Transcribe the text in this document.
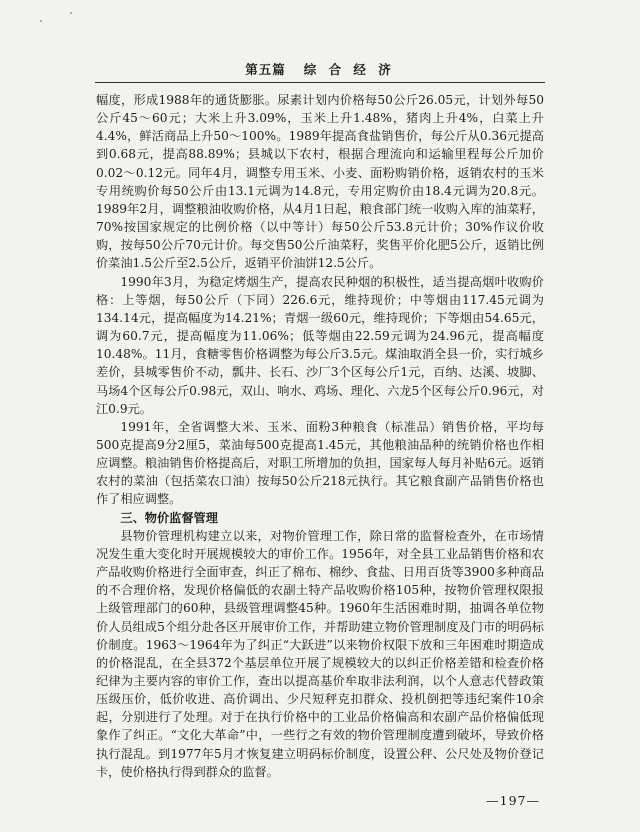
第五篇 综 合 经 济

幅度，形成1988年的通货膨胀。尿素计划内价格每50公斤26.05元，计划外每50公斤45～60元；大米上升3.09%，玉米上升1.48%，猪肉上升4%，白菜上升4.4%，鲜活商品上升50～100%。1989年提高食盐销售价，每公斤从0.36元提高到0.68元，提高88.89%；县城以下农村，根据合理流向和运输里程每公斤加价0.02～0.12元。同年4月，调整专用玉米、小麦、面粉购销价格，返销农村的玉米专用统购价每50公斤由13.1元调为14.8元，专用定购价由18.4元调为20.8元。1989年2月，调整粮油收购价格，从4月1日起，粮食部门统一收购入库的油菜籽，70%按国家规定的比例价格（以中等计）每50公斤53.8元计价；30%作议价收购，按每50公斤70元计价。每交售50公斤油菜籽，奖售平价化肥5公斤，返销比例价菜油1.5公斤至2.5公斤，返销平价油饼12.5公斤。

1990年3月，为稳定烤烟生产，提高农民种烟的积极性，适当提高烟叶收购价格：上等烟，每50公斤（下同）226.6元，维持现价；中等烟由117.45元调为134.14元，提高幅度为14.21%；青烟一级60元，维持现价；下等烟由54.65元，调为60.7元，提高幅度为11.06%；低等烟由22.59元调为24.96元，提高幅度10.48%。11月，食糖零售价格调整为每公斤3.5元。煤油取消全县一价，实行城乡差价，县城零售价不动，瓢井、长石、沙厂3个区每公斤1元，百纳、达溪、坡脚、马场4个区每公斤0.98元，双山、响水、鸡场、理化、六龙5个区每公斤0.96元，对江0.9元。

1991年，全省调整大米、玉米、面粉3种粮食（标准品）销售价格，平均每500克提高9分2厘5，菜油每500克提高1.45元，其他粮油品种的统销价格也作相应调整。粮油销售价格提高后，对职工所增加的负担，国家每人每月补贴6元。返销农村的菜油（包括菜农口油）按每50公斤218元执行。其它粮食副产品销售价格也作了相应调整。

三、物价监督管理

县物价管理机构建立以来，对物价管理工作，除日常的监督检查外，在市场情况发生重大变化时开展规模较大的审价工作。1956年，对全县工业品销售价格和农产品收购价格进行全面审查，纠正了棉布、棉纱、食盐、日用百货等3900多种商品的不合理价格，发现价格偏低的农副土特产品收购价格105种，按物价管理权限报上级管理部门的60种，县级管理调整45种。1960年生活困难时期，抽调各单位物价人员组成5个组分赴各区开展审价工作，并帮助建立物价管理制度及门市的明码标价制度。1963～1964年为了纠正“大跃进”以来物价权限下放和三年困难时期造成的价格混乱，在全县372个基层单位开展了规模较大的以纠正价格差错和检查价格纪律为主要内容的审价工作，查出以提高基价牟取非法利润，以个人意志代替政策压级压价，低价收进、高价调出、少尺短秤克扣群众、投机倒把等违纪案件10余起，分别进行了处理。对于在执行价格中的工业品价格偏高和农副产品价格偏低现象作了纠正。“文化大革命”中，一些行之有效的物价管理制度遭到破坏，导致价格执行混乱。到1977年5月才恢复建立明码标价制度，设置公秤、公尺处及物价登记卡，使价格执行得到群众的监督。

—197—
